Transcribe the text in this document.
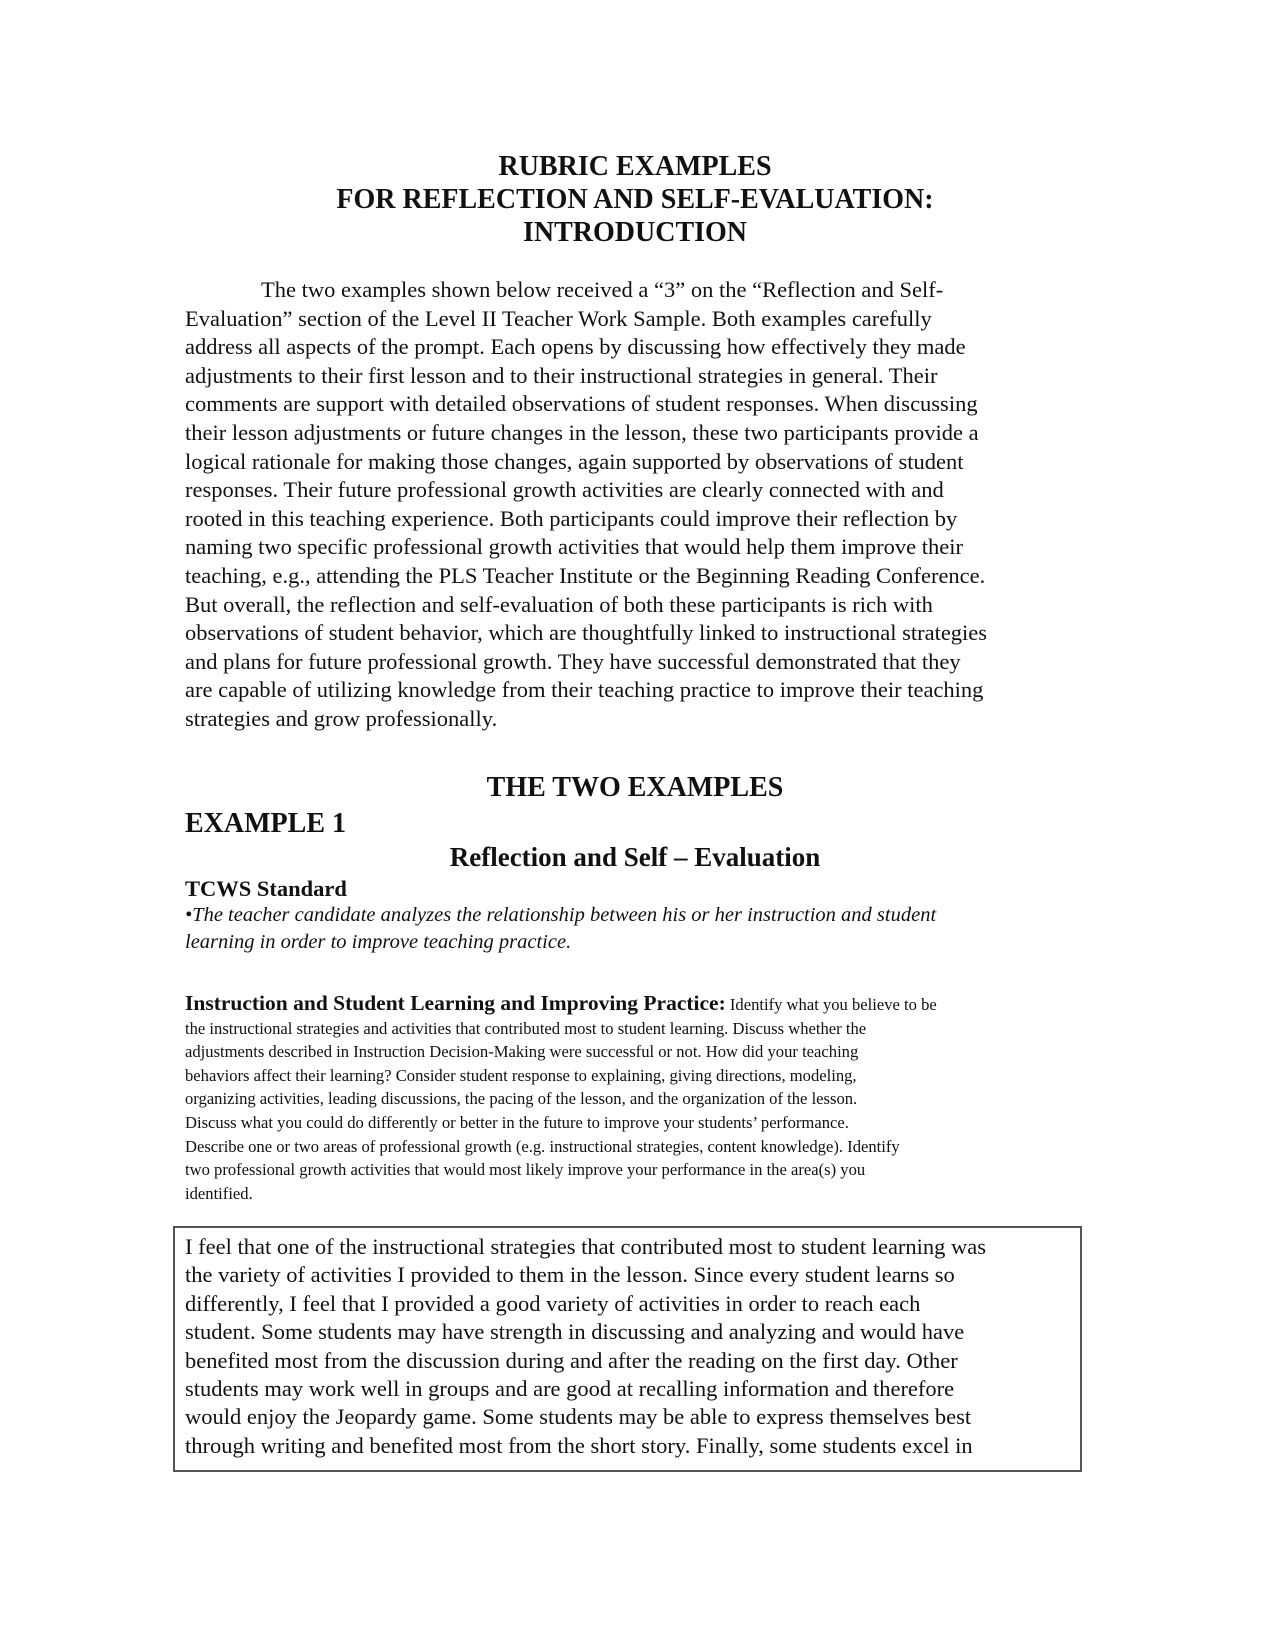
RUBRIC EXAMPLES
FOR REFLECTION AND SELF-EVALUATION:
INTRODUCTION
The two examples shown below received a “3” on the “Reflection and Self-
Evaluation” section of the Level II Teacher Work Sample. Both examples carefully
address all aspects of the prompt. Each opens by discussing how effectively they made
adjustments to their first lesson and to their instructional strategies in general. Their
comments are support with detailed observations of student responses. When discussing
their lesson adjustments or future changes in the lesson, these two participants provide a
logical rationale for making those changes, again supported by observations of student
responses. Their future professional growth activities are clearly connected with and
rooted in this teaching experience. Both participants could improve their reflection by
naming two specific professional growth activities that would help them improve their
teaching, e.g., attending the PLS Teacher Institute or the Beginning Reading Conference.
But overall, the reflection and self-evaluation of both these participants is rich with
observations of student behavior, which are thoughtfully linked to instructional strategies
and plans for future professional growth. They have successful demonstrated that they
are capable of utilizing knowledge from their teaching practice to improve their teaching
strategies and grow professionally.
THE TWO EXAMPLES
EXAMPLE 1
Reflection and Self – Evaluation
TCWS Standard
•The teacher candidate analyzes the relationship between his or her instruction and student
learning in order to improve teaching practice.
Instruction and Student Learning and Improving Practice: Identify what you believe to be
the instructional strategies and activities that contributed most to student learning. Discuss whether the
adjustments described in Instruction Decision-Making were successful or not. How did your teaching
behaviors affect their learning? Consider student response to explaining, giving directions, modeling,
organizing activities, leading discussions, the pacing of the lesson, and the organization of the lesson.
Discuss what you could do differently or better in the future to improve your students’ performance.
Describe one or two areas of professional growth (e.g. instructional strategies, content knowledge). Identify
two professional growth activities that would most likely improve your performance in the area(s) you
identified.
I feel that one of the instructional strategies that contributed most to student learning was
the variety of activities I provided to them in the lesson. Since every student learns so
differently, I feel that I provided a good variety of activities in order to reach each
student. Some students may have strength in discussing and analyzing and would have
benefited most from the discussion during and after the reading on the first day. Other
students may work well in groups and are good at recalling information and therefore
would enjoy the Jeopardy game. Some students may be able to express themselves best
through writing and benefited most from the short story. Finally, some students excel in
